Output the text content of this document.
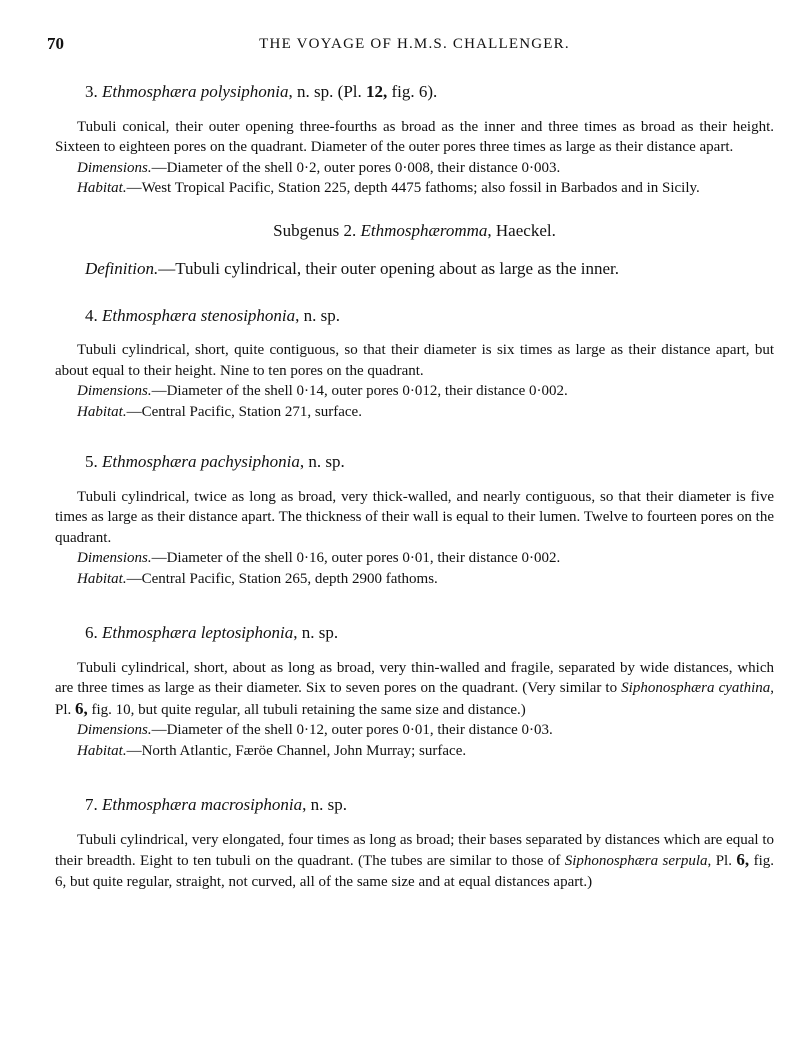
70	THE VOYAGE OF H.M.S. CHALLENGER.
3. Ethmosphæra polysiphonia, n. sp. (Pl. 12, fig. 6).

Tubuli conical, their outer opening three-fourths as broad as the inner and three times as broad as their height. Sixteen to eighteen pores on the quadrant. Diameter of the outer pores three times as large as their distance apart.

Dimensions.—Diameter of the shell 0·2, outer pores 0·008, their distance 0·003.

Habitat.—West Tropical Pacific, Station 225, depth 4475 fathoms; also fossil in Barbados and in Sicily.

Subgenus 2. Ethmosphæromma, Haeckel.
Definition.—Tubuli cylindrical, their outer opening about as large as the inner.
4. Ethmosphæra stenosiphonia, n. sp.

Tubuli cylindrical, short, quite contiguous, so that their diameter is six times as large as their distance apart, but about equal to their height. Nine to ten pores on the quadrant.

Dimensions.—Diameter of the shell 0·14, outer pores 0·012, their distance 0·002.

Habitat.—Central Pacific, Station 271, surface.

5. Ethmosphæra pachysiphonia, n. sp.

Tubuli cylindrical, twice as long as broad, very thick-walled, and nearly contiguous, so that their diameter is five times as large as their distance apart. The thickness of their wall is equal to their lumen. Twelve to fourteen pores on the quadrant.

Dimensions.—Diameter of the shell 0·16, outer pores 0·01, their distance 0·002.

Habitat.—Central Pacific, Station 265, depth 2900 fathoms.

6. Ethmosphæra leptosiphonia, n. sp.

Tubuli cylindrical, short, about as long as broad, very thin-walled and fragile, separated by wide distances, which are three times as large as their diameter. Six to seven pores on the quadrant. (Very similar to Siphonosphæra cyathina, Pl. 6, fig. 10, but quite regular, all tubuli retaining the same size and distance.)

Dimensions.—Diameter of the shell 0·12, outer pores 0·01, their distance 0·03.

Habitat.—North Atlantic, Færöe Channel, John Murray; surface.

7. Ethmosphæra macrosiphonia, n. sp.

Tubuli cylindrical, very elongated, four times as long as broad; their bases separated by distances which are equal to their breadth. Eight to ten tubuli on the quadrant. (The tubes are similar to those of Siphonosphæra serpula, Pl. 6, fig. 6, but quite regular, straight, not curved, all of the same size and at equal distances apart.)
